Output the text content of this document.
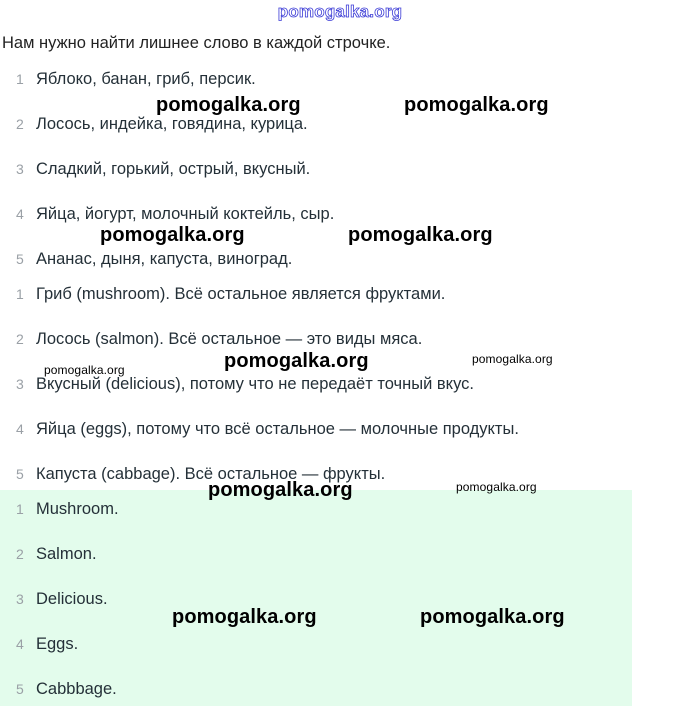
pomogalka.org
Нам нужно найти лишнее слово в каждой строчке.
1 Яблоко, банан, гриб, персик.
2 Лосось, индейка, говядина, курица.
3 Сладкий, горький, острый, вкусный.
4 Яйца, йогурт, молочный коктейль, сыр.
5 Ананас, дыня, капуста, виноград.
1 Гриб (mushroom). Всё остальное является фруктами.
2 Лосось (salmon). Всё остальное — это виды мяса.
3 Вкусный (delicious), потому что не передаёт точный вкус.
4 Яйца (eggs), потому что всё остальное — молочные продукты.
5 Капуста (cabbage). Всё остальное — фрукты.
1 Mushroom.
2 Salmon.
3 Delicious.
4 Eggs.
5 Cabbbage.
pomogalka.org	pomogalka.org
pomogalka.org	pomogalka.org
pomogalka.org
pomogalka.org
pomogalka.org
pomogalka.org	pomogalka.org
pomogalka.org	pomogalka.org
